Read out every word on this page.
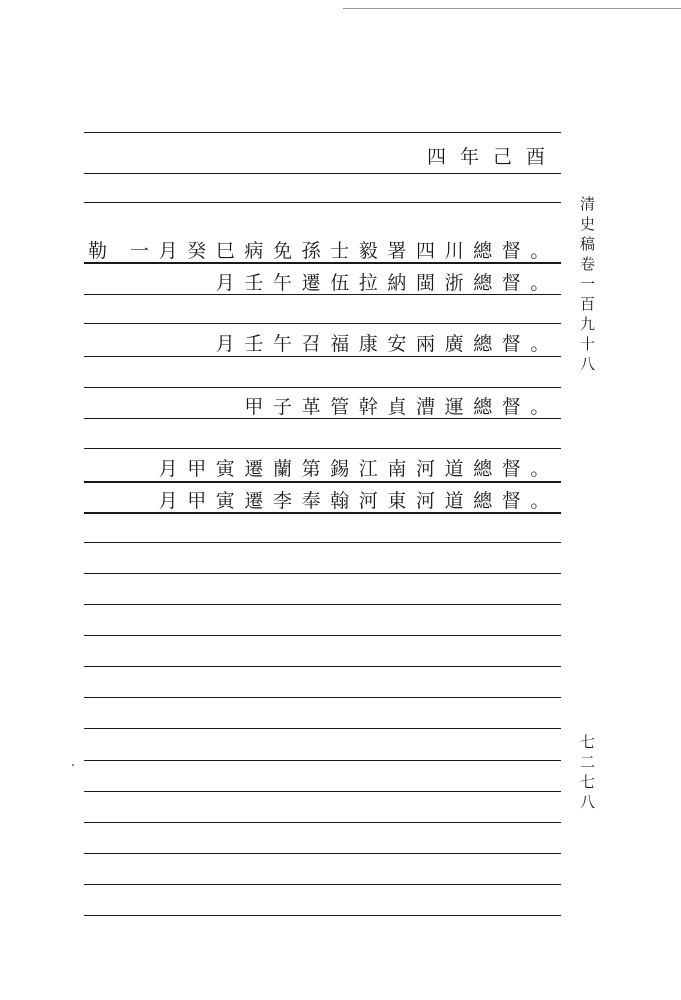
清史稿卷一百九十八
七二七八
四年己酉
一月癸巳病免孫士毅署四川總督。
勒
月壬午遷伍拉納閩浙總督。
月壬午召福康安兩廣總督。
甲子革管幹貞漕運總督。
月甲寅遷蘭第錫江南河道總督。
月甲寅遷李奉翰河東河道總督。
